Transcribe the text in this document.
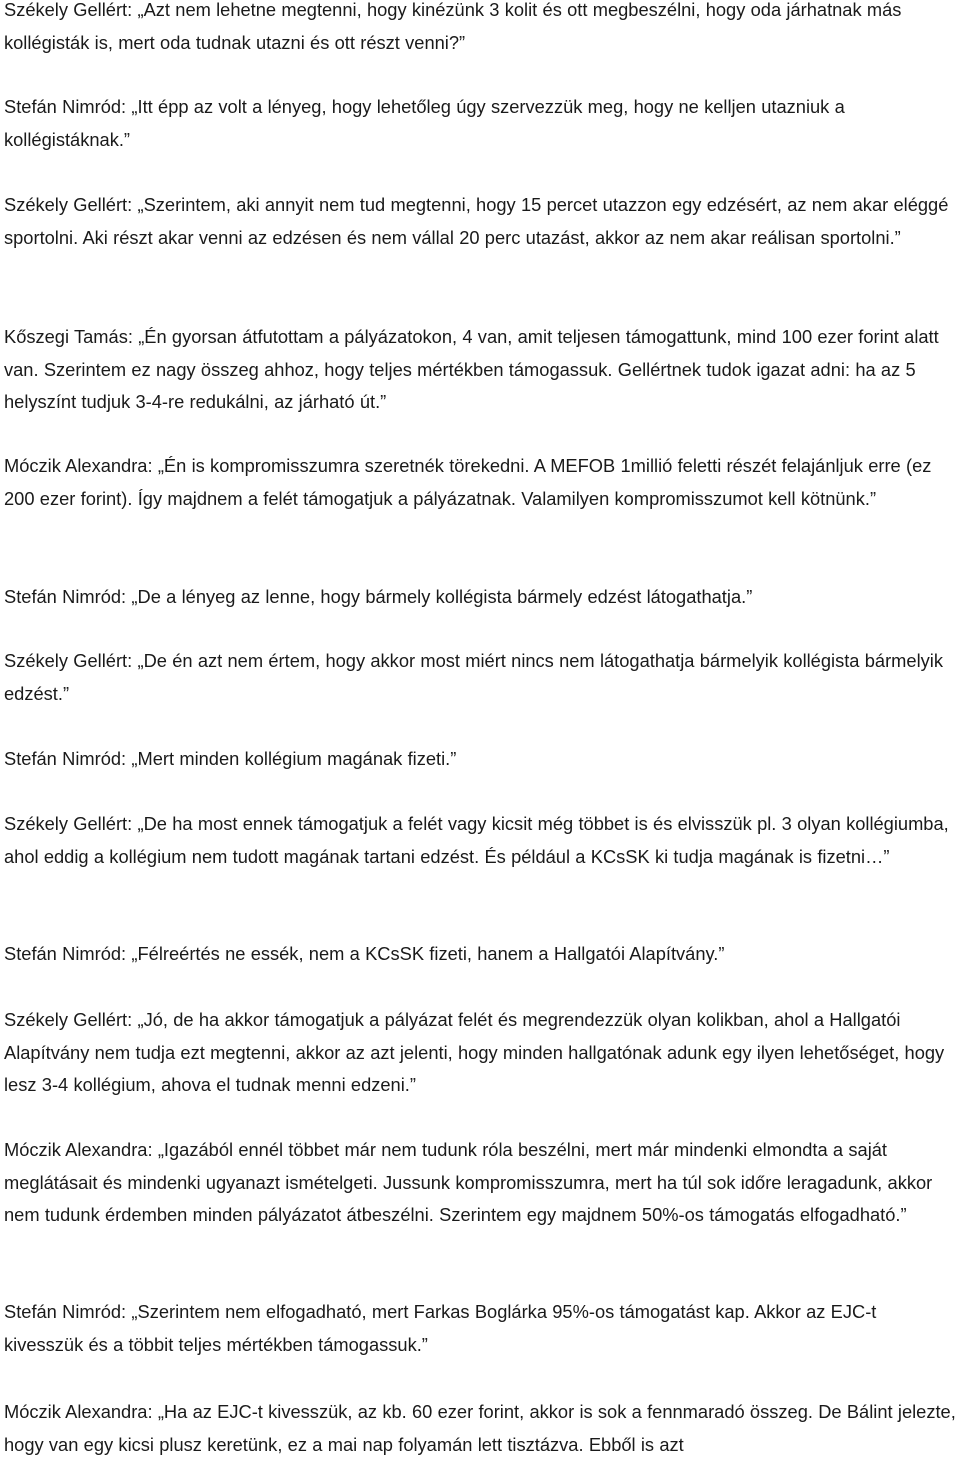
Székely Gellért: „Azt nem lehetne megtenni, hogy kinézünk 3 kolit és ott megbeszélni, hogy oda járhatnak más kollégisták is, mert oda tudnak utazni és ott részt venni?”

Stefán Nimród: „Itt épp az volt a lényeg, hogy lehetőleg úgy szervezzük meg, hogy ne kelljen utazniuk a kollégistáknak.”

Székely Gellért: „Szerintem, aki annyit nem tud megtenni, hogy 15 percet utazzon egy edzésért, az nem akar eléggé sportolni. Aki részt akar venni az edzésen és nem vállal 20 perc utazást, akkor az nem akar reálisan sportolni.”

Kőszegi Tamás: „Én gyorsan átfutottam a pályázatokon, 4 van, amit teljesen támogattunk, mind 100 ezer forint alatt van. Szerintem ez nagy összeg ahhoz, hogy teljes mértékben támogassuk. Gellértnek tudok igazat adni: ha az 5 helyszínt tudjuk 3-4-re redukálni, az járható út.”

Móczik Alexandra: „Én is kompromisszumra szeretnék törekedni. A MEFOB 1millió feletti részét felajánljuk erre (ez 200 ezer forint). Így majdnem a felét támogatjuk a pályázatnak. Valamilyen kompromisszumot kell kötnünk.”

Stefán Nimród: „De a lényeg az lenne, hogy bármely kollégista bármely edzést látogathatja.”

Székely Gellért: „De én azt nem értem, hogy akkor most miért nincs nem látogathatja bármelyik kollégista bármelyik edzést.”

Stefán Nimród: „Mert minden kollégium magának fizeti.”

Székely Gellért: „De ha most ennek támogatjuk a felét vagy kicsit még többet is és elvisszük pl. 3 olyan kollégiumba, ahol eddig a kollégium nem tudott magának tartani edzést. És például a KCsSK ki tudja magának is fizetni…”

Stefán Nimród: „Félreértés ne essék, nem a KCsSK fizeti, hanem a Hallgatói Alapítvány.”

Székely Gellért: „Jó, de ha akkor támogatjuk a pályázat felét és megrendezzük olyan kolikban, ahol a Hallgatói Alapítvány nem tudja ezt megtenni, akkor az azt jelenti, hogy minden hallgatónak adunk egy ilyen lehetőséget, hogy lesz 3-4 kollégium, ahova el tudnak menni edzeni.”

Móczik Alexandra: „Igazából ennél többet már nem tudunk róla beszélni, mert már mindenki elmondta a saját meglátásait és mindenki ugyanazt ismételgeti. Jussunk kompromisszumra, mert ha túl sok időre leragadunk, akkor nem tudunk érdemben minden pályázatot átbeszélni. Szerintem egy majdnem 50%-os támogatás elfogadható.”

Stefán Nimród: „Szerintem nem elfogadható, mert Farkas Boglárka 95%-os támogatást kap. Akkor az EJC-t kivesszük és a többit teljes mértékben támogassuk.”

Móczik Alexandra: „Ha az EJC-t kivesszük, az kb. 60 ezer forint, akkor is sok a fennmaradó összeg. De Bálint jelezte, hogy van egy kicsi plusz keretünk, ez a mai nap folyamán lett tisztázva. Ebből is azt
